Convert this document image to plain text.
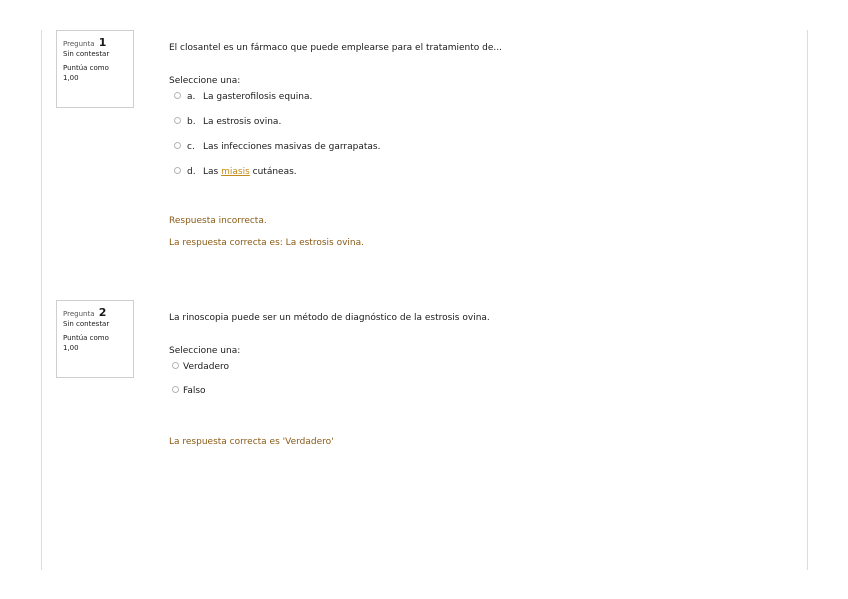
Pregunta 1
Sin contestar
Puntúa como
1,00
El closantel es un fármaco que puede emplearse para el tratamiento de...
Seleccione una:
a. La gasterofilosis equina.
b. La estrosis ovina.
c. Las infecciones masivas de garrapatas.
d. Las miasis cutáneas.
Respuesta incorrecta.
La respuesta correcta es: La estrosis ovina.
Pregunta 2
Sin contestar
Puntúa como
1,00
La rinoscopia puede ser un método de diagnóstico de la estrosis ovina.
Seleccione una:
Verdadero
Falso
La respuesta correcta es 'Verdadero'
